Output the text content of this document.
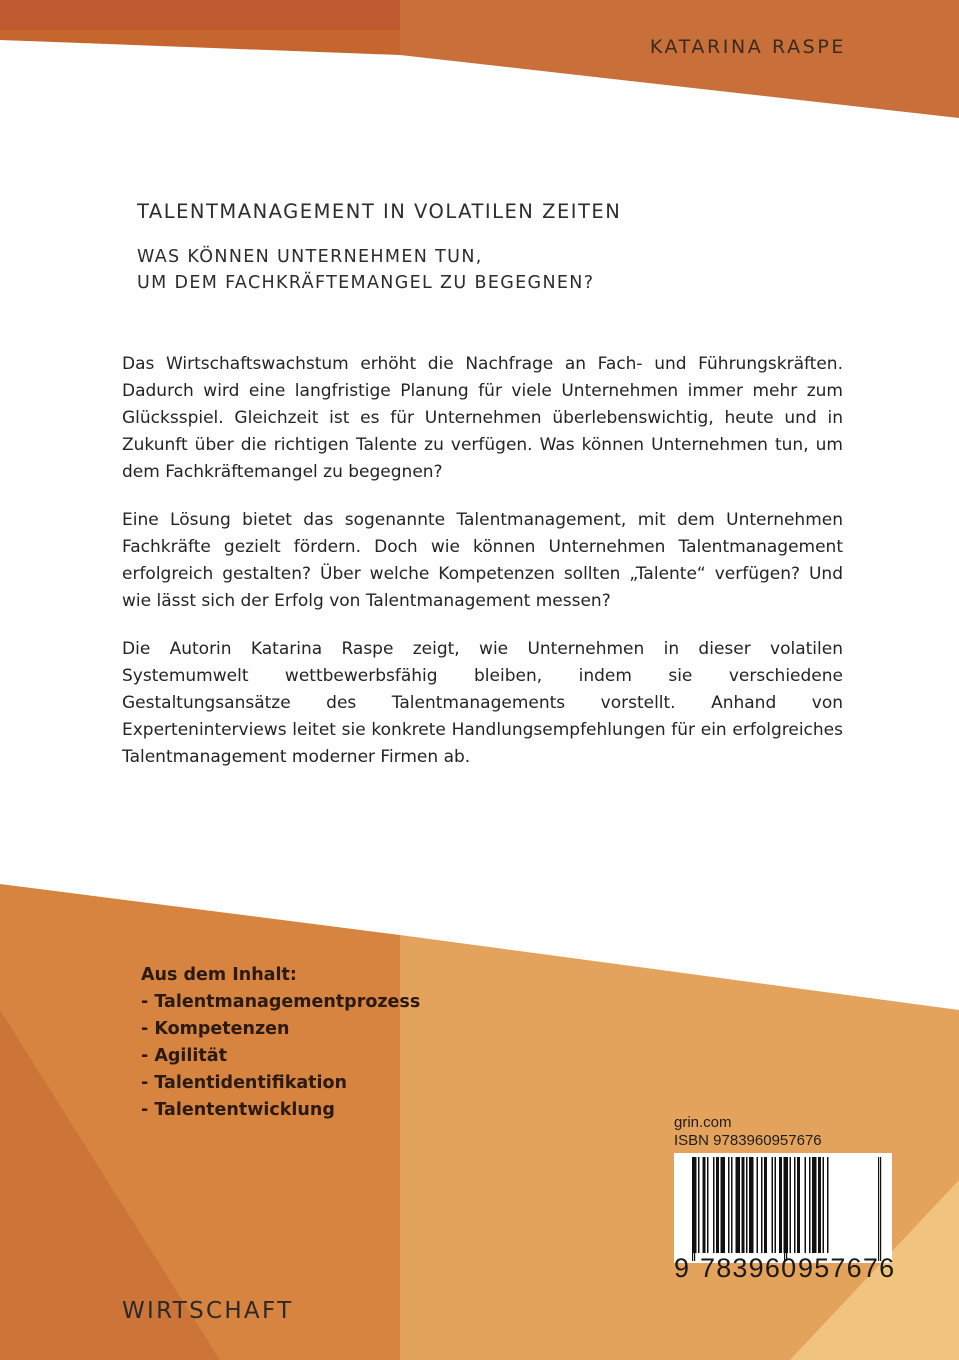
KATARINA RASPE
TALENTMANAGEMENT IN VOLATILEN ZEITEN
WAS KÖNNEN UNTERNEHMEN TUN,
UM DEM FACHKRÄFTEMANGEL ZU BEGEGNEN?

Das Wirtschaftswachstum erhöht die Nachfrage an Fach- und Führungskräften. Dadurch wird eine langfristige Planung für viele Unternehmen immer mehr zum Glücksspiel. Gleichzeit ist es für Unternehmen überlebenswichtig, heute und in Zukunft über die richtigen Talente zu verfügen. Was können Unternehmen tun, um dem Fachkräftemangel zu begegnen?

Eine Lösung bietet das sogenannte Talentmanagement, mit dem Unternehmen Fachkräfte gezielt fördern. Doch wie können Unternehmen Talentmanagement erfolgreich gestalten? Über welche Kompetenzen sollten „Talente“ verfügen? Und wie lässt sich der Erfolg von Talentmanagement messen?

Die Autorin Katarina Raspe zeigt, wie Unternehmen in dieser volatilen Systemumwelt wettbewerbsfähig bleiben, indem sie verschiedene Gestaltungsansätze des Talentmanagements vorstellt. Anhand von Experteninterviews leitet sie konkrete Handlungsempfehlungen für ein erfolgreiches Talentmanagement moderner Firmen ab.

Aus dem Inhalt:
- Talentmanagementprozess
- Kompetenzen
- Agilität
- Talentidentifikation
- Talententwicklung
grin.com
ISBN 9783960957676
9 783960 957676
WIRTSCHAFT
